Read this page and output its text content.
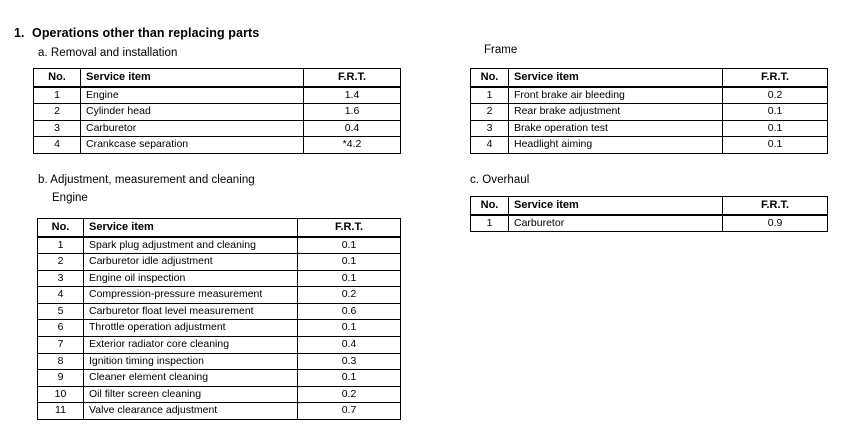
1. Operations other than replacing parts
a. Removal and installation
No.	Service item	F.R.T.
1	Engine	1.4
2	Cylinder head	1.6
3	Carburetor	0.4
4	Crankcase separation	*4.2
b. Adjustment, measurement and cleaning
Engine
No.	Service item	F.R.T.
1	Spark plug adjustment and cleaning	0.1
2	Carburetor idle adjustment	0.1
3	Engine oil inspection	0.1
4	Compression-pressure measurement	0.2
5	Carburetor float level measurement	0.6
6	Throttle operation adjustment	0.1
7	Exterior radiator core cleaning	0.4
8	Ignition timing inspection	0.3
9	Cleaner element cleaning	0.1
10	Oil filter screen cleaning	0.2
11	Valve clearance adjustment	0.7
Frame
No.	Service item	F.R.T.
1	Front brake air bleeding	0.2
2	Rear brake adjustment	0.1
3	Brake operation test	0.1
4	Headlight aiming	0.1
c. Overhaul
No.	Service item	F.R.T.
1	Carburetor	0.9
